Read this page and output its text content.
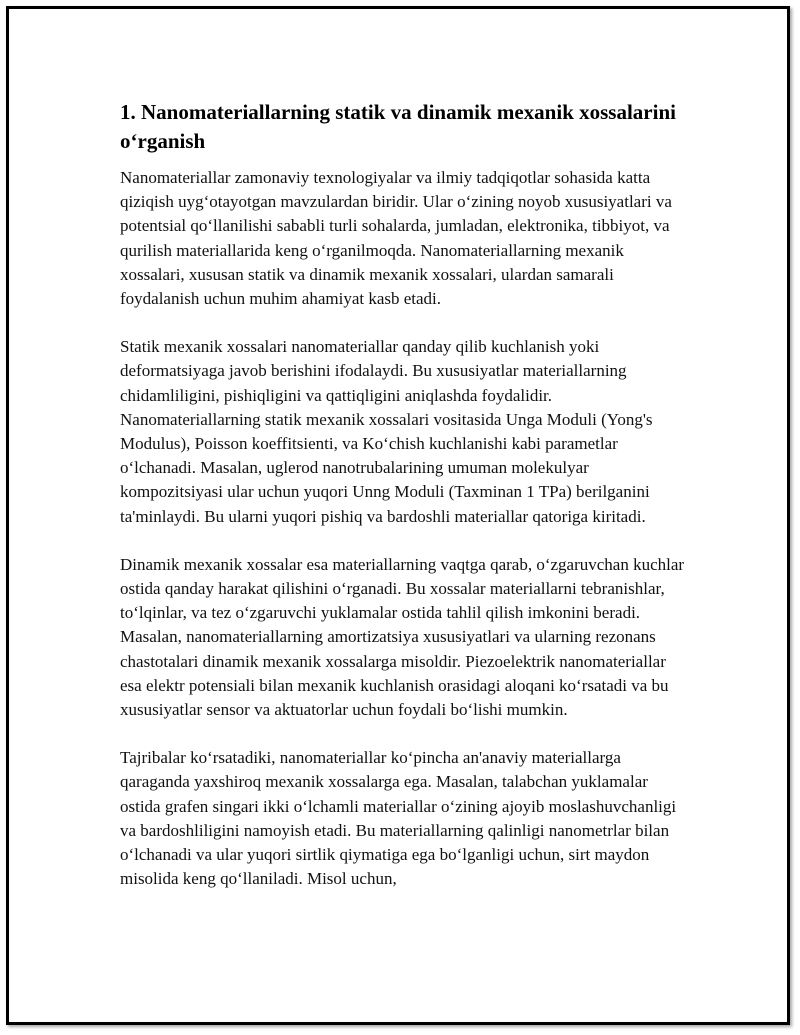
1. Nanomateriallarning statik va dinamik mexanik xossalarini o‘rganish

Nanomateriallar zamonaviy texnologiyalar va ilmiy tadqiqotlar sohasida katta qiziqish uyg‘otayotgan mavzulardan biridir. Ular o‘zining noyob xususiyatlari va potentsial qo‘llanilishi sababli turli sohalarda, jumladan, elektronika, tibbiyot, va qurilish materiallarida keng o‘rganilmoqda. Nanomateriallarning mexanik xossalari, xususan statik va dinamik mexanik xossalari, ulardan samarali foydalanish uchun muhim ahamiyat kasb etadi.

Statik mexanik xossalari nanomateriallar qanday qilib kuchlanish yoki deformatsiyaga javob berishini ifodalaydi. Bu xususiyatlar materiallarning chidamliligini, pishiqligini va qattiqligini aniqlashda foydalidir. Nanomateriallarning statik mexanik xossalari vositasida Unga Moduli (Yong's Modulus), Poisson koeffitsienti, va Ko‘chish kuchlanishi kabi parametlar o‘lchanadi. Masalan, uglerod nanotrubalarining umuman molekulyar kompozitsiyasi ular uchun yuqori Unng Moduli (Taxminan 1 TPa) berilganini ta'minlaydi. Bu ularni yuqori pishiq va bardoshli materiallar qatoriga kiritadi.

Dinamik mexanik xossalar esa materiallarning vaqtga qarab, o‘zgaruvchan kuchlar ostida qanday harakat qilishini o‘rganadi. Bu xossalar materiallarni tebranishlar, to‘lqinlar, va tez o‘zgaruvchi yuklamalar ostida tahlil qilish imkonini beradi. Masalan, nanomateriallarning amortizatsiya xususiyatlari va ularning rezonans chastotalari dinamik mexanik xossalarga misoldir. Piezoelektrik nanomateriallar esa elektr potensiali bilan mexanik kuchlanish orasidagi aloqani ko‘rsatadi va bu xususiyatlar sensor va aktuatorlar uchun foydali bo‘lishi mumkin.

Tajribalar ko‘rsatadiki, nanomateriallar ko‘pincha an'anaviy materiallarga qaraganda yaxshiroq mexanik xossalarga ega. Masalan, talabchan yuklamalar ostida grafen singari ikki o‘lchamli materiallar o‘zining ajoyib moslashuvchanligi va bardoshliligini namoyish etadi. Bu materiallarning qalinligi nanometrlar bilan o‘lchanadi va ular yuqori sirtlik qiymatiga ega bo‘lganligi uchun, sirt maydon misolida keng qo‘llaniladi. Misol uchun,
